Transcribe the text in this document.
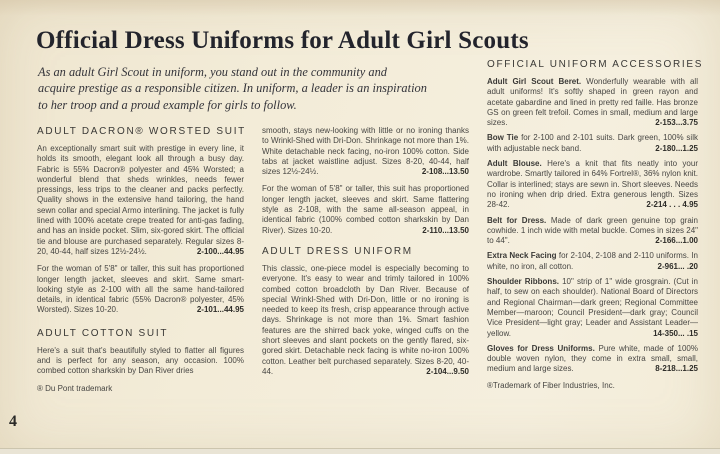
Official Dress Uniforms for Adult Girl Scouts
As an adult Girl Scout in uniform, you stand out in the community and
acquire prestige as a responsible citizen. In uniform, a leader is an inspiration
to her troop and a proud example for girls to follow.
ADULT DACRON® WORSTED SUIT

An exceptionally smart suit with prestige in every line, it holds its smooth, elegant look all through a busy day. Fabric is 55% Dacron® polyester and 45% Worsted; a wonderful blend that sheds wrinkles, needs fewer pressings, less trips to the cleaner and packs perfectly. Quality shows in the extensive hand tailoring, the hand sewn collar and special Armo interlining. The jacket is fully lined with 100% acetate crepe treated for anti-gas fading, and has an inside pocket. Slim, six-gored skirt. The official tie and blouse are purchased separately. Regular sizes 8-20, 40-44, half sizes 12½-24½.	2-100...44.95

For the woman of 5'8" or taller, this suit has proportioned longer length jacket, sleeves and skirt. Same smart-looking style as 2-100 with all the same hand-tailored details, in identical fabric (55% Dacron® polyester, 45% Worsted). Sizes 10-20.	2-101...44.95

ADULT COTTON SUIT

Here's a suit that's beautifully styled to flatter all figures and is perfect for any season, any occasion. 100% combed cotton sharkskin by Dan River dries

® Du Pont trademark

smooth, stays new-looking with little or no ironing thanks to Wrinkl-Shed with Dri-Don. Shrinkage not more than 1%. White detachable neck facing, no-iron 100% cotton. Side tabs at jacket waistline adjust. Sizes 8-20, 40-44, half sizes 12½-24½.	2-108...13.50

For the woman of 5'8" or taller, this suit has proportioned longer length jacket, sleeves and skirt. Same flattering style as 2-108, with the same all-season appeal, in identical fabric (100% combed cotton sharkskin by Dan River). Sizes 10-20.	2-110...13.50

ADULT DRESS UNIFORM

This classic, one-piece model is especially becoming to everyone. It's easy to wear and trimly tailored in 100% combed cotton broadcloth by Dan River. Because of special Wrinkl-Shed with Dri-Don, little or no ironing is needed to keep its fresh, crisp appearance through active days. Shrinkage is not more than 1%. Smart fashion features are the shirred back yoke, winged cuffs on the short sleeves and slant pockets on the gently flared, six-gored skirt. Detachable neck facing is white no-iron 100% cotton. Leather belt purchased separately. Sizes 8-20, 40-44.	2-104...9.50

OFFICIAL UNIFORM ACCESSORIES

Adult Girl Scout Beret. Wonderfully wearable with all adult uniforms! It's softly shaped in green rayon and acetate gabardine and lined in pretty red faille. Has bronze GS on green felt trefoil. Comes in small, medium and large sizes.	2-153...3.75

Bow Tie for 2-100 and 2-101 suits. Dark green, 100% silk with adjustable neck band.	2-180...1.25

Adult Blouse. Here's a knit that fits neatly into your wardrobe. Smartly tailored in 64% Fortrel®, 36% nylon knit. Collar is interlined; stays are sewn in. Short sleeves. Needs no ironing when drip dried. Extra generous length. Sizes 28-42.	2-214 . . . 4.95

Belt for Dress. Made of dark green genuine top grain cowhide. 1 inch wide with metal buckle. Comes in sizes 24" to 44".	2-166...1.00

Extra Neck Facing for 2-104, 2-108 and 2-110 uniforms. In white, no iron, all cotton.	2-961... .20

Shoulder Ribbons. 10" strip of 1" wide grosgrain. (Cut in half, to sew on each shoulder). National Board of Directors and Regional Chairman—dark green; Regional Committee Member—maroon; Council President—dark gray; Council Vice President—light gray; Leader and Assistant Leader—yellow.	14-350... .15

Gloves for Dress Uniforms. Pure white, made of 100% double woven nylon, they come in extra small, small, medium and large sizes.	8-218...1.25

®Trademark of Fiber Industries, Inc.

4
